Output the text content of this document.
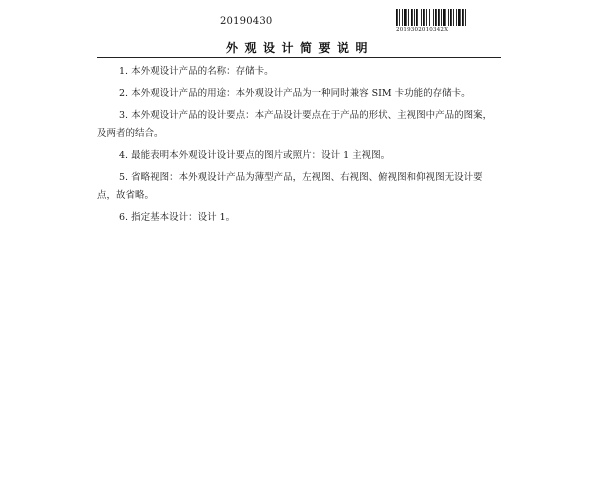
20190430
2019302010342X
外观设计简要说明

1. 本外观设计产品的名称：存储卡。

2. 本外观设计产品的用途：本外观设计产品为一种同时兼容 SIM 卡功能的存储卡。

3. 本外观设计产品的设计要点：本产品设计要点在于产品的形状、主视图中产品的图案，及两者的结合。

4. 最能表明本外观设计设计要点的图片或照片：设计 1 主视图。

5. 省略视图：本外观设计产品为薄型产品，左视图、右视图、俯视图和仰视图无设计要点，故省略。

6. 指定基本设计：设计 1。
